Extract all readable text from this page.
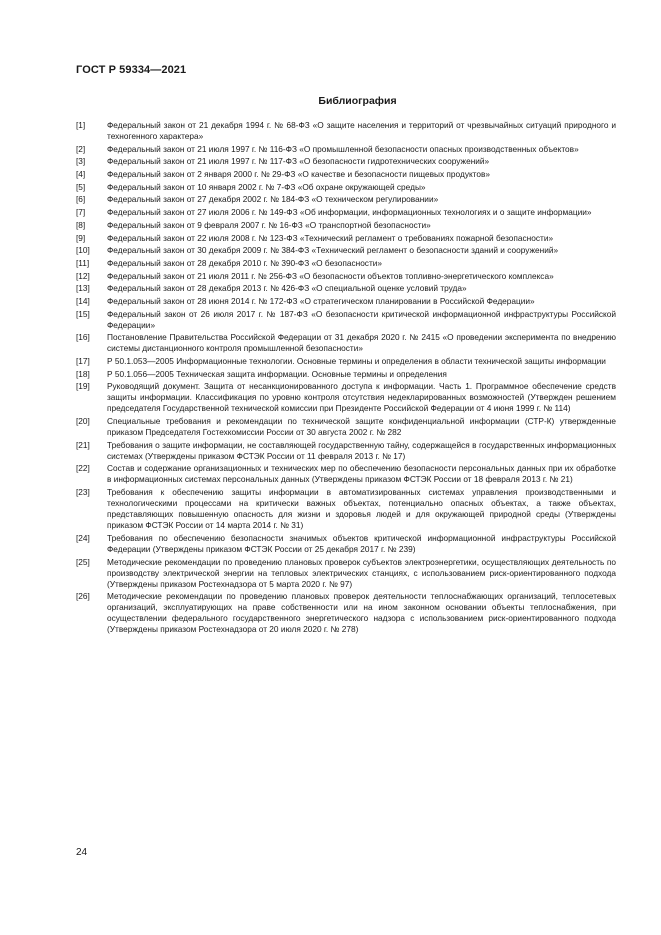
ГОСТ Р 59334—2021
Библиография
[1]	Федеральный закон от 21 декабря 1994 г. № 68-ФЗ «О защите населения и территорий от чрезвычайных ситуаций природного и техногенного характера»
[2]	Федеральный закон от 21 июля 1997 г. № 116-ФЗ «О промышленной безопасности опасных производственных объектов»
[3]	Федеральный закон от 21 июля 1997 г. № 117-ФЗ «О безопасности гидротехнических сооружений»
[4]	Федеральный закон от 2 января 2000 г. № 29-ФЗ «О качестве и безопасности пищевых продуктов»
[5]	Федеральный закон от 10 января 2002 г. № 7-ФЗ «Об охране окружающей среды»
[6]	Федеральный закон от 27 декабря 2002 г. № 184-ФЗ «О техническом регулировании»
[7]	Федеральный закон от 27 июля 2006 г. № 149-ФЗ «Об информации, информационных технологиях и о защите информации»
[8]	Федеральный закон от 9 февраля 2007 г. № 16-ФЗ «О транспортной безопасности»
[9]	Федеральный закон от 22 июля 2008 г. № 123-ФЗ «Технический регламент о требованиях пожарной безопасности»
[10]	Федеральный закон от 30 декабря 2009 г. № 384-ФЗ «Технический регламент о безопасности зданий и сооружений»
[11]	Федеральный закон от 28 декабря 2010 г. № 390-ФЗ «О безопасности»
[12]	Федеральный закон от 21 июля 2011 г. № 256-ФЗ «О безопасности объектов топливно-энергетического комплекса»
[13]	Федеральный закон от 28 декабря 2013 г. № 426-ФЗ «О специальной оценке условий труда»
[14]	Федеральный закон от 28 июня 2014 г. № 172-ФЗ «О стратегическом планировании в Российской Федерации»
[15]	Федеральный закон от 26 июля 2017 г. № 187-ФЗ «О безопасности критической информационной инфраструктуры Российской Федерации»
[16]	Постановление Правительства Российской Федерации от 31 декабря 2020 г. № 2415 «О проведении эксперимента по внедрению системы дистанционного контроля промышленной безопасности»
[17]	Р 50.1.053—2005 Информационные технологии. Основные термины и определения в области технической защиты информации
[18]	Р 50.1.056—2005 Техническая защита информации. Основные термины и определения
[19]	Руководящий документ. Защита от несанкционированного доступа к информации. Часть 1. Программное обеспечение средств защиты информации. Классификация по уровню контроля отсутствия недекларированных возможностей (Утвержден решением председателя Государственной технической комиссии при Президенте Российской Федерации от 4 июня 1999 г. № 114)
[20]	Специальные требования и рекомендации по технической защите конфиденциальной информации (СТР-К) утвержденные приказом Председателя Гостехкомиссии России от 30 августа 2002 г. № 282
[21]	Требования о защите информации, не составляющей государственную тайну, содержащейся в государственных информационных системах (Утверждены приказом ФСТЭК России от 11 февраля 2013 г. № 17)
[22]	Состав и содержание организационных и технических мер по обеспечению безопасности персональных данных при их обработке в информационных системах персональных данных (Утверждены приказом ФСТЭК России от 18 февраля 2013 г. № 21)
[23]	Требования к обеспечению защиты информации в автоматизированных системах управления производственными и технологическими процессами на критически важных объектах, потенциально опасных объектах, а также объектах, представляющих повышенную опасность для жизни и здоровья людей и для окружающей природной среды (Утверждены приказом ФСТЭК России от 14 марта 2014 г. № 31)
[24]	Требования по обеспечению безопасности значимых объектов критической информационной инфраструктуры Российской Федерации (Утверждены приказом ФСТЭК России от 25 декабря 2017 г. № 239)
[25]	Методические рекомендации по проведению плановых проверок субъектов электроэнергетики, осуществляющих деятельность по производству электрической энергии на тепловых электрических станциях, с использованием риск-ориентированного подхода (Утверждены приказом Ростехнадзора от 5 марта 2020 г. № 97)
[26]	Методические рекомендации по проведению плановых проверок деятельности теплоснабжающих организаций, теплосетевых организаций, эксплуатирующих на праве собственности или на ином законном основании объекты теплоснабжения, при осуществлении федерального государственного энергетического надзора с использованием риск-ориентированного подхода (Утверждены приказом Ростехнадзора от 20 июля 2020 г. № 278)
24
